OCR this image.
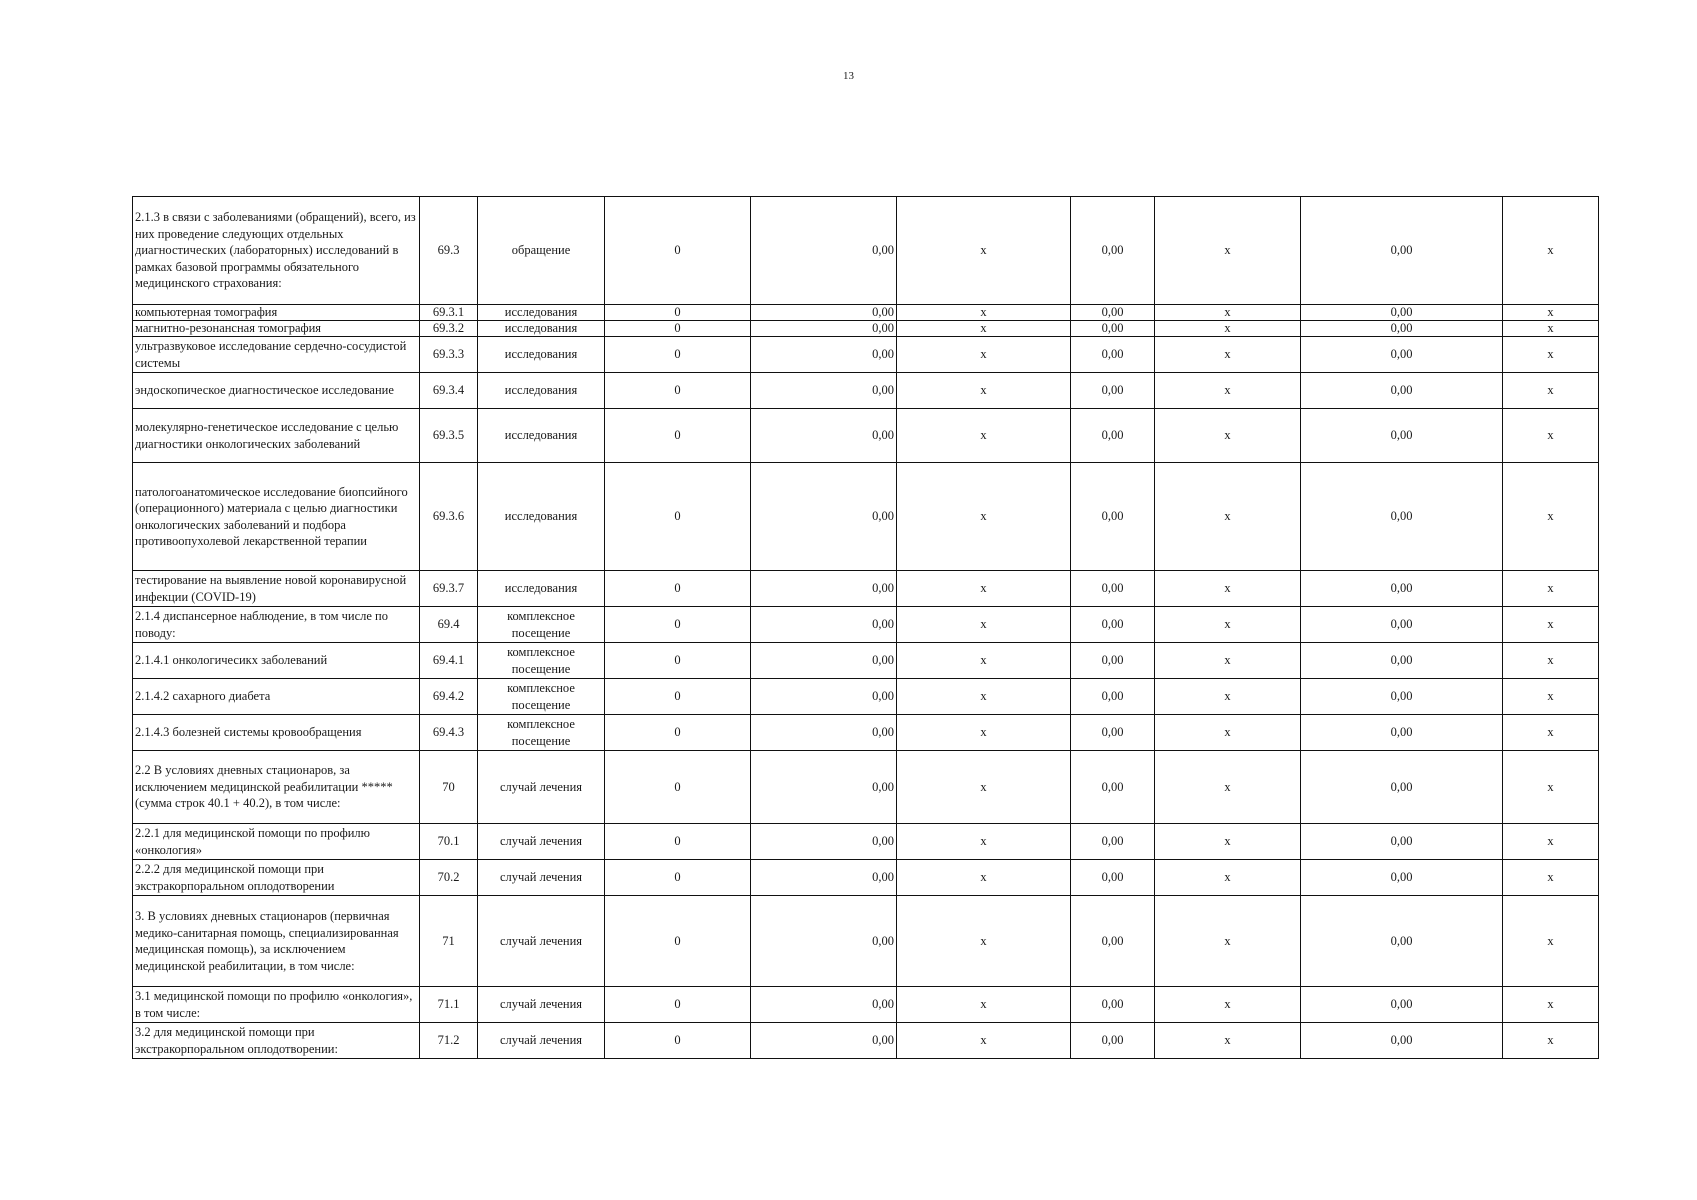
13
2.1.3 в связи с заболеваниями (обращений), всего, из них проведение следующих отдельных диагностических (лабораторных) исследований в рамках базовой программы обязательного медицинского страхования:	69.3	обращение	0	0,00	x	0,00	x	0,00	x
компьютерная томография	69.3.1	исследования	0	0,00	x	0,00	x	0,00	x
магнитно-резонансная томография	69.3.2	исследования	0	0,00	x	0,00	x	0,00	x
ультразвуковое исследование сердечно-сосудистой системы	69.3.3	исследования	0	0,00	x	0,00	x	0,00	x
эндоскопическое диагностическое исследование	69.3.4	исследования	0	0,00	x	0,00	x	0,00	x
молекулярно-генетическое исследование с целью диагностики онкологических заболеваний	69.3.5	исследования	0	0,00	x	0,00	x	0,00	x
патологоанатомическое исследование биопсийного (операционного) материала с целью диагностики онкологических заболеваний и подбора противоопухолевой лекарственной терапии	69.3.6	исследования	0	0,00	x	0,00	x	0,00	x
тестирование на выявление новой коронавирусной инфекции (COVID-19)	69.3.7	исследования	0	0,00	x	0,00	x	0,00	x
2.1.4 диспансерное наблюдение, в том числе по поводу:	69.4	комплексное посещение	0	0,00	x	0,00	x	0,00	x
2.1.4.1 онкологичесикх заболеваний	69.4.1	комплексное посещение	0	0,00	x	0,00	x	0,00	x
2.1.4.2 сахарного диабета	69.4.2	комплексное посещение	0	0,00	x	0,00	x	0,00	x
2.1.4.3 болезней системы кровообращения	69.4.3	комплексное посещение	0	0,00	x	0,00	x	0,00	x
2.2 В условиях дневных стационаров, за исключением медицинской реабилитации ***** (сумма строк 40.1 + 40.2), в том числе:	70	случай лечения	0	0,00	x	0,00	x	0,00	x
2.2.1 для медицинской помощи по профилю «онкология»	70.1	случай лечения	0	0,00	x	0,00	x	0,00	x
2.2.2 для медицинской помощи при экстракорпоральном оплодотворении	70.2	случай лечения	0	0,00	x	0,00	x	0,00	x
3. В условиях дневных стационаров (первичная медико-санитарная помощь, специализированная медицинская помощь), за исключением медицинской реабилитации, в том числе:	71	случай лечения	0	0,00	x	0,00	x	0,00	x
3.1 медицинской помощи по профилю «онкология», в том числе:	71.1	случай лечения	0	0,00	x	0,00	x	0,00	x
3.2 для медицинской помощи при экстракорпоральном оплодотворении:	71.2	случай лечения	0	0,00	x	0,00	x	0,00	x
